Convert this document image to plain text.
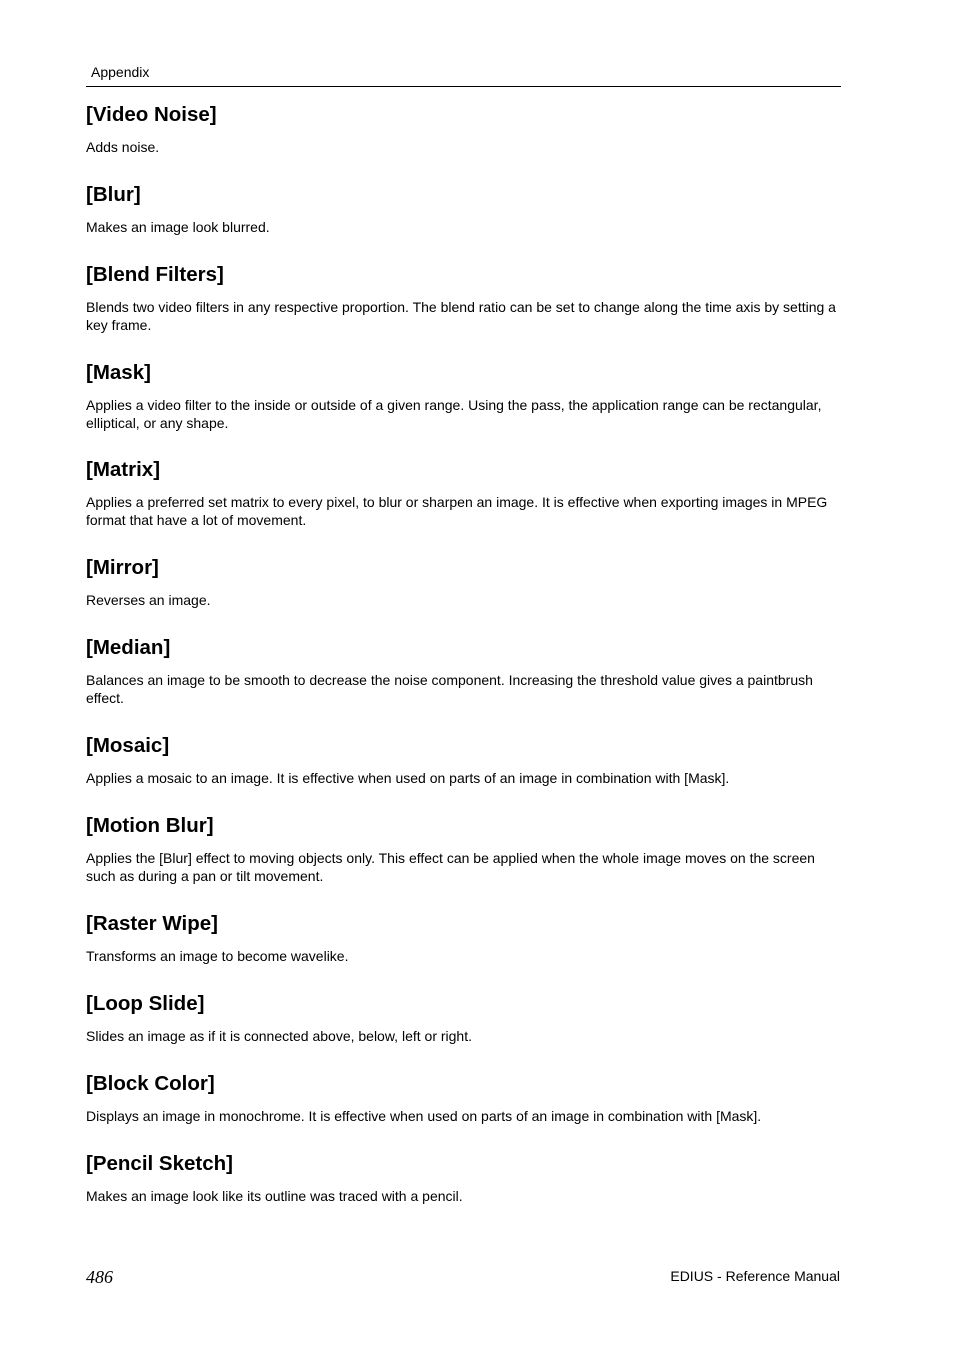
Appendix
[Video Noise]

Adds noise.

[Blur]

Makes an image look blurred.

[Blend Filters]

Blends two video filters in any respective proportion. The blend ratio can be set to change along the time axis by setting a key frame.

[Mask]

Applies a video filter to the inside or outside of a given range. Using the pass, the application range can be rectangular, elliptical, or any shape.

[Matrix]

Applies a preferred set matrix to every pixel, to blur or sharpen an image. It is effective when exporting images in MPEG format that have a lot of movement.

[Mirror]

Reverses an image.

[Median]

Balances an image to be smooth to decrease the noise component. Increasing the threshold value gives a paintbrush effect.

[Mosaic]

Applies a mosaic to an image. It is effective when used on parts of an image in combination with [Mask].

[Motion Blur]

Applies the [Blur] effect to moving objects only. This effect can be applied when the whole image moves on the screen such as during a pan or tilt movement.

[Raster Wipe]

Transforms an image to become wavelike.

[Loop Slide]

Slides an image as if it is connected above, below, left or right.

[Block Color]

Displays an image in monochrome. It is effective when used on parts of an image in combination with [Mask].

[Pencil Sketch]

Makes an image look like its outline was traced with a pencil.

486	EDIUS - Reference Manual
